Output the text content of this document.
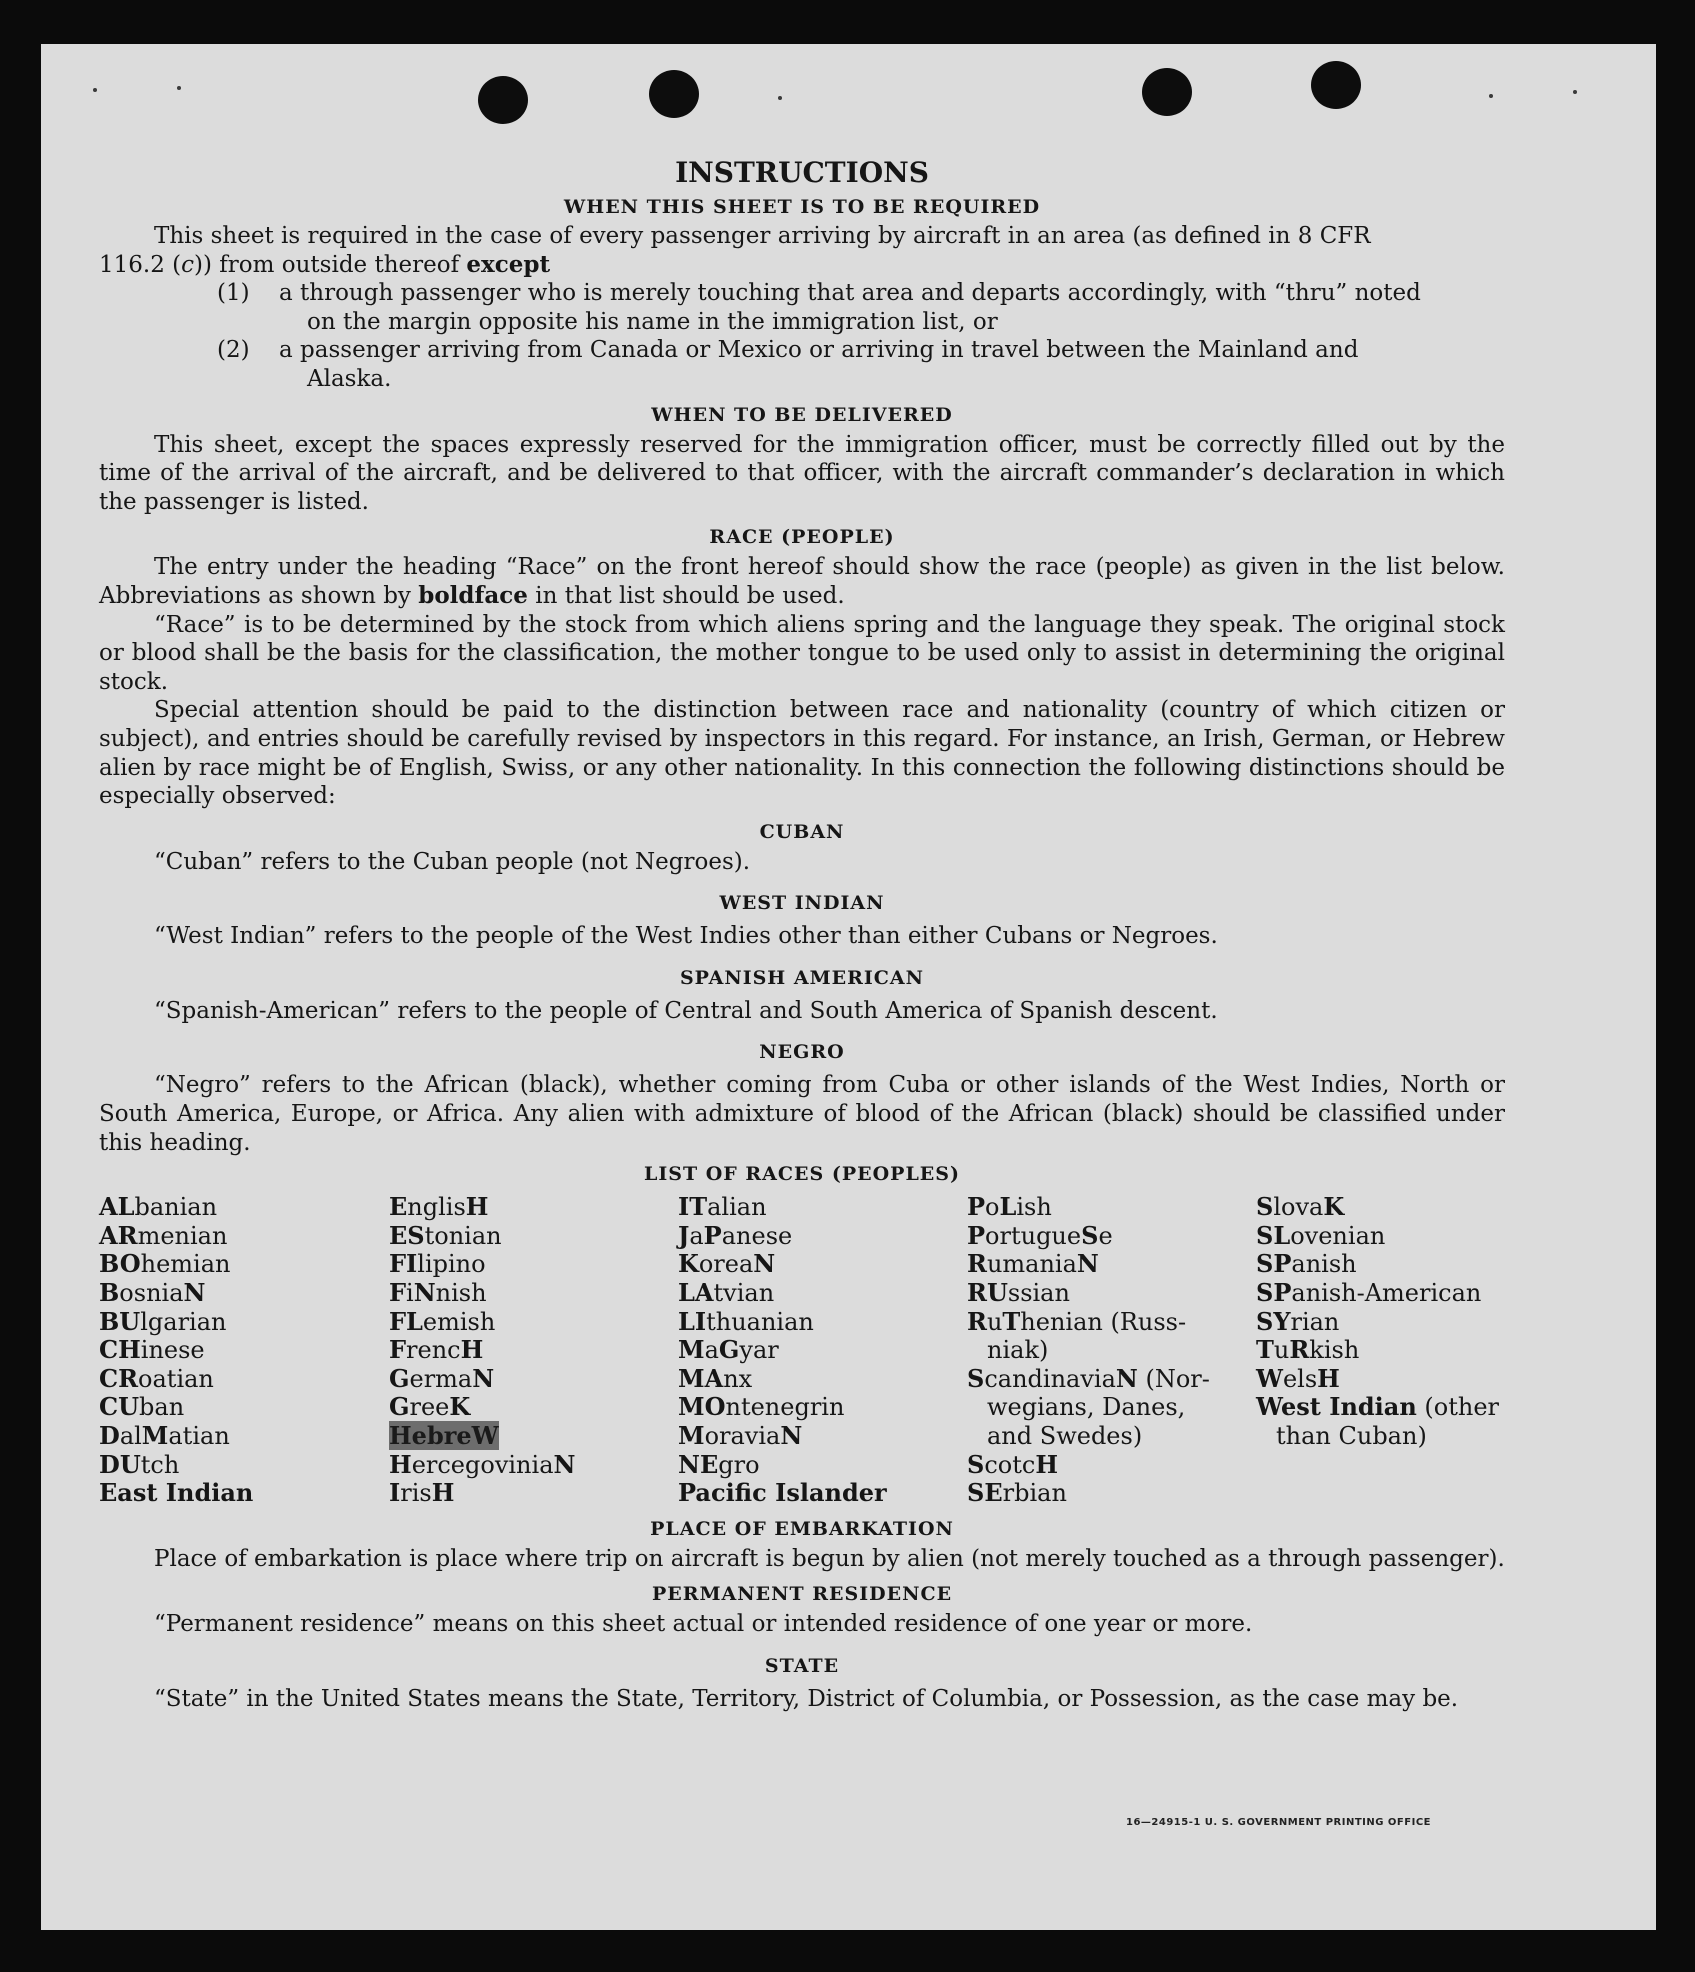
INSTRUCTIONS
WHEN THIS SHEET IS TO BE REQUIRED

This sheet is required in the case of every passenger arriving by aircraft in an area (as defined in 8 CFR
116.2 (c)) from outside thereof except

(1)	a through passenger who is merely touching that area and departs accordingly, with “thru” noted
on the margin opposite his name in the immigration list, or
(2)	a passenger arriving from Canada or Mexico or arriving in travel between the Mainland and
Alaska.
WHEN TO BE DELIVERED

This sheet, except the spaces expressly reserved for the immigration officer, must be correctly filled out by the time of the arrival of the aircraft, and be delivered to that officer, with the aircraft commander’s declaration in which the passenger is listed.

RACE (PEOPLE)

The entry under the heading “Race” on the front hereof should show the race (people) as given in the list below. Abbreviations as shown by boldface in that list should be used.

“Race” is to be determined by the stock from which aliens spring and the language they speak. The original stock or blood shall be the basis for the classification, the mother tongue to be used only to assist in determining the original stock.

Special attention should be paid to the distinction between race and nationality (country of which citizen or subject), and entries should be carefully revised by inspectors in this regard. For instance, an Irish, German, or Hebrew alien by race might be of English, Swiss, or any other nationality. In this connection the following distinctions should be especially observed:

CUBAN

“Cuban” refers to the Cuban people (not Negroes).

WEST INDIAN

“West Indian” refers to the people of the West Indies other than either Cubans or Negroes.

SPANISH AMERICAN

“Spanish-American” refers to the people of Central and South America of Spanish descent.

NEGRO

“Negro” refers to the African (black), whether coming from Cuba or other islands of the West Indies, North or South America, Europe, or Africa. Any alien with admixture of blood of the African (black) should be classified under this heading.

LIST OF RACES (PEOPLES)
ALbanian
ARmenian
BOhemian
BosniaN
BUlgarian
CHinese
CRoatian
CUban
DalMatian
DUtch
East Indian
EnglisH
EStonian
FIlipino
FiNnish
FLemish
FrencH
GermaN
GreeK
HebreW
HercegoviniaN
IrisH
ITalian
JaPanese
KoreaN
LAtvian
LIthuanian
MaGyar
MAnx
MOntenegrin
MoraviaN
NEgro
Pacific Islander
PoLish
PortugueSe
RumaniaN
RUssian
RuThenian (Russ-
niak)
ScandinaviaN (Nor-
wegians, Danes,
and Swedes)
ScotcH
SErbian
SlovaK
SLovenian
SPanish
SPanish-American
SYrian
TuRkish
WelsH
West Indian (other
than Cuban)
PLACE OF EMBARKATION

Place of embarkation is place where trip on aircraft is begun by alien (not merely touched as a through passenger).

PERMANENT RESIDENCE

“Permanent residence” means on this sheet actual or intended residence of one year or more.

STATE

“State” in the United States means the State, Territory, District of Columbia, or Possession, as the case may be.

16—24915-1 U. S. GOVERNMENT PRINTING OFFICE
